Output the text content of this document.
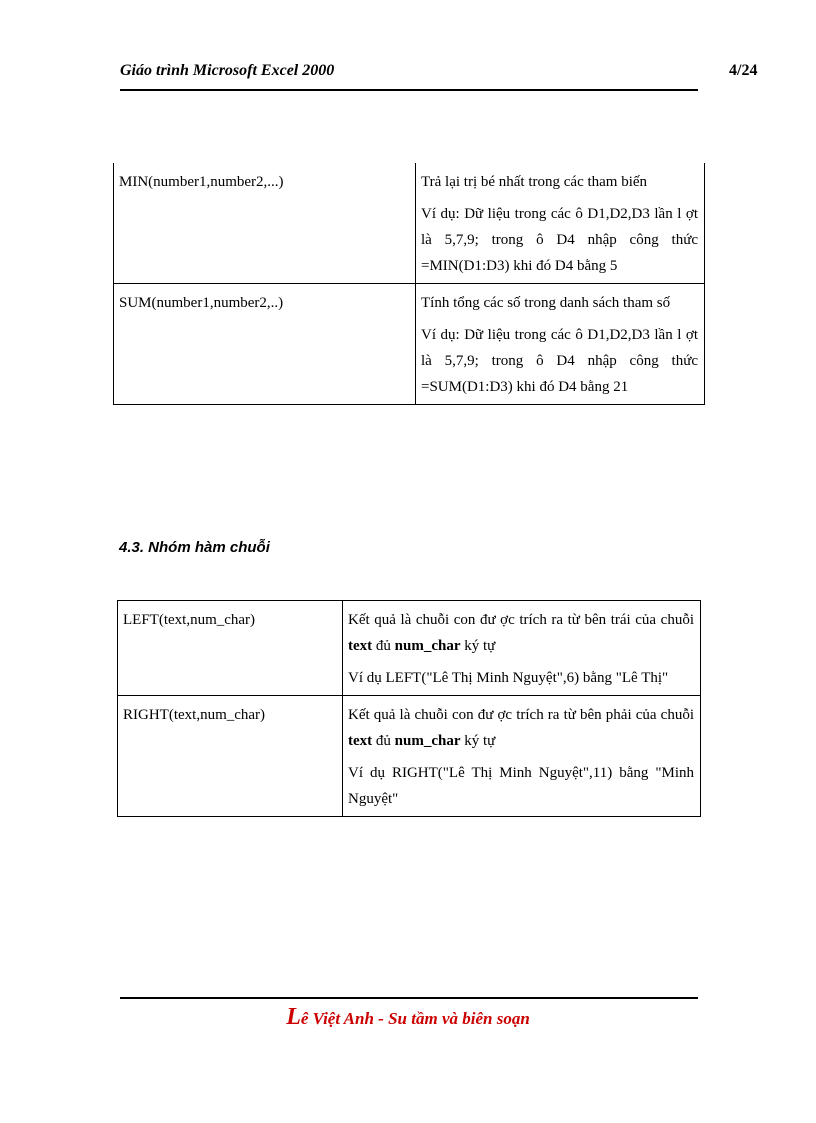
Giáo trình Microsoft Excel 2000	4/24
MIN(number1,number2,...)	Trả lại trị bé nhất trong các tham biến

Ví dụ: Dữ liệu trong các ô D1,D2,D3 lần l ợt là 5,7,9; trong ô D4 nhập công thức =MIN(D1:D3) khi đó D4 bằng 5

SUM(number1,number2,..)	Tính tổng các số trong danh sách tham số

Ví dụ: Dữ liệu trong các ô D1,D2,D3 lần l ợt là 5,7,9; trong ô D4 nhập công thức =SUM(D1:D3) khi đó D4 bằng 21

4.3. Nhóm hàm chuỗi
LEFT(text,num_char)	Kết quả là chuỗi con đư ợc trích ra từ bên trái của chuỗi text đủ num_char ký tự

Ví dụ LEFT("Lê Thị Minh Nguyệt",6) bằng "Lê Thị"

RIGHT(text,num_char)	Kết quả là chuỗi con đư ợc trích ra từ bên phải của chuỗi text đủ num_char ký tự

Ví dụ RIGHT("Lê Thị Minh Nguyệt",11) bằng "Minh Nguyệt"

Lê Việt Anh - Su tầm và biên soạn
